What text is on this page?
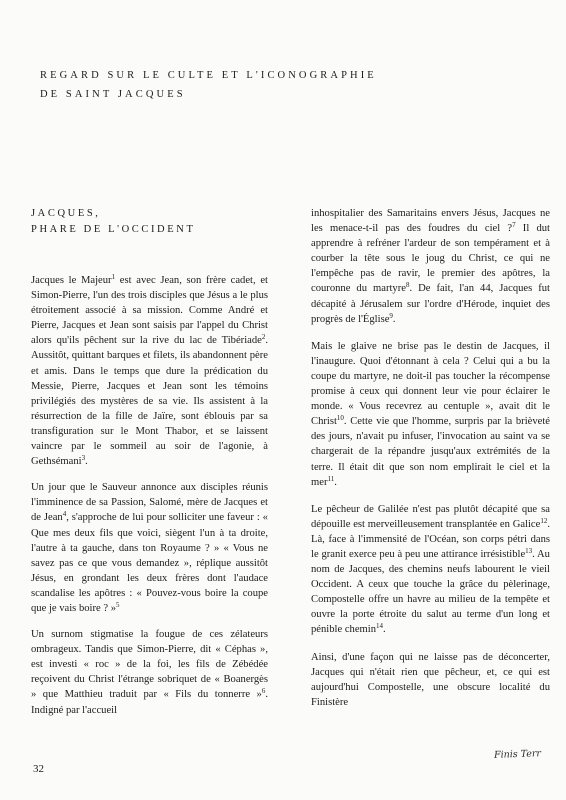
REGARD SUR LE CULTE ET L'ICONOGRAPHIE
DE SAINT JACQUES
JACQUES,
PHARE DE L'OCCIDENT

Jacques le Majeur$^1$ est avec Jean, son frère cadet, et Simon-Pierre, l'un des trois disciples que Jésus a le plus étroitement associé à sa mission. Comme André et Pierre, Jacques et Jean sont saisis par l'appel du Christ alors qu'ils pêchent sur la rive du lac de Tibériade$^2$. Aussitôt, quittant barques et filets, ils abandonnent père et amis. Dans le temps que dure la prédication du Messie, Pierre, Jacques et Jean sont les témoins privilégiés des mystères de sa vie. Ils assistent à la résurrection de la fille de Jaïre, sont éblouis par sa transfiguration sur le Mont Thabor, et se laissent vaincre par le sommeil au soir de l'agonie, à Gethsémani$^3$.

Un jour que le Sauveur annonce aux disciples réunis l'imminence de sa Passion, Salomé, mère de Jacques et de Jean$^4$, s'approche de lui pour solliciter une faveur : « Que mes deux fils que voici, siègent l'un à ta droite, l'autre à ta gauche, dans ton Royaume ? » « Vous ne savez pas ce que vous demandez », réplique aussitôt Jésus, en grondant les deux frères dont l'audace scandalise les apôtres : « Pouvez-vous boire la coupe que je vais boire ? »$^5$

Un surnom stigmatise la fougue de ces zélateurs ombrageux. Tandis que Simon-Pierre, dit « Céphas », est investi « roc » de la foi, les fils de Zébédée reçoivent du Christ l'étrange sobriquet de « Boanergès » que Matthieu traduit par « Fils du tonnerre »$^6$. Indigné par l'accueil

inhospitalier des Samaritains envers Jésus, Jacques ne les menace-t-il pas des foudres du ciel ?$^7$ Il dut apprendre à refréner l'ardeur de son tempérament et à courber la tête sous le joug du Christ, ce qui ne l'empêche pas de ravir, le premier des apôtres, la couronne du martyre$^8$. De fait, l'an 44, Jacques fut décapité à Jérusalem sur l'ordre d'Hérode, inquiet des progrès de l'Église$^9$.

Mais le glaive ne brise pas le destin de Jacques, il l'inaugure. Quoi d'étonnant à cela ? Celui qui a bu la coupe du martyre, ne doit-il pas toucher la récompense promise à ceux qui donnent leur vie pour éclairer le monde. « Vous recevrez au centuple », avait dit le Christ$^{10}$. Cette vie que l'homme, surpris par la brièveté des jours, n'avait pu infuser, l'invocation au saint va se chargerait de la répandre jusqu'aux extrémités de la terre. Il était dit que son nom emplirait le ciel et la mer$^{11}$.

Le pêcheur de Galilée n'est pas plutôt décapité que sa dépouille est merveilleusement transplantée en Galice$^{12}$. Là, face à l'immensité de l'Océan, son corps pétri dans le granit exerce peu à peu une attirance irrésistible$^{13}$. Au nom de Jacques, des chemins neufs labourent le vieil Occident. A ceux que touche la grâce du pèlerinage, Compostelle offre un havre au milieu de la tempête et ouvre la porte étroite du salut au terme d'un long et pénible chemin$^{14}$.

Ainsi, d'une façon qui ne laisse pas de déconcerter, Jacques qui n'était rien que pêcheur, et, ce qui est aujourd'hui Compostelle, une obscure localité du Finistère

Finis Terr
32
